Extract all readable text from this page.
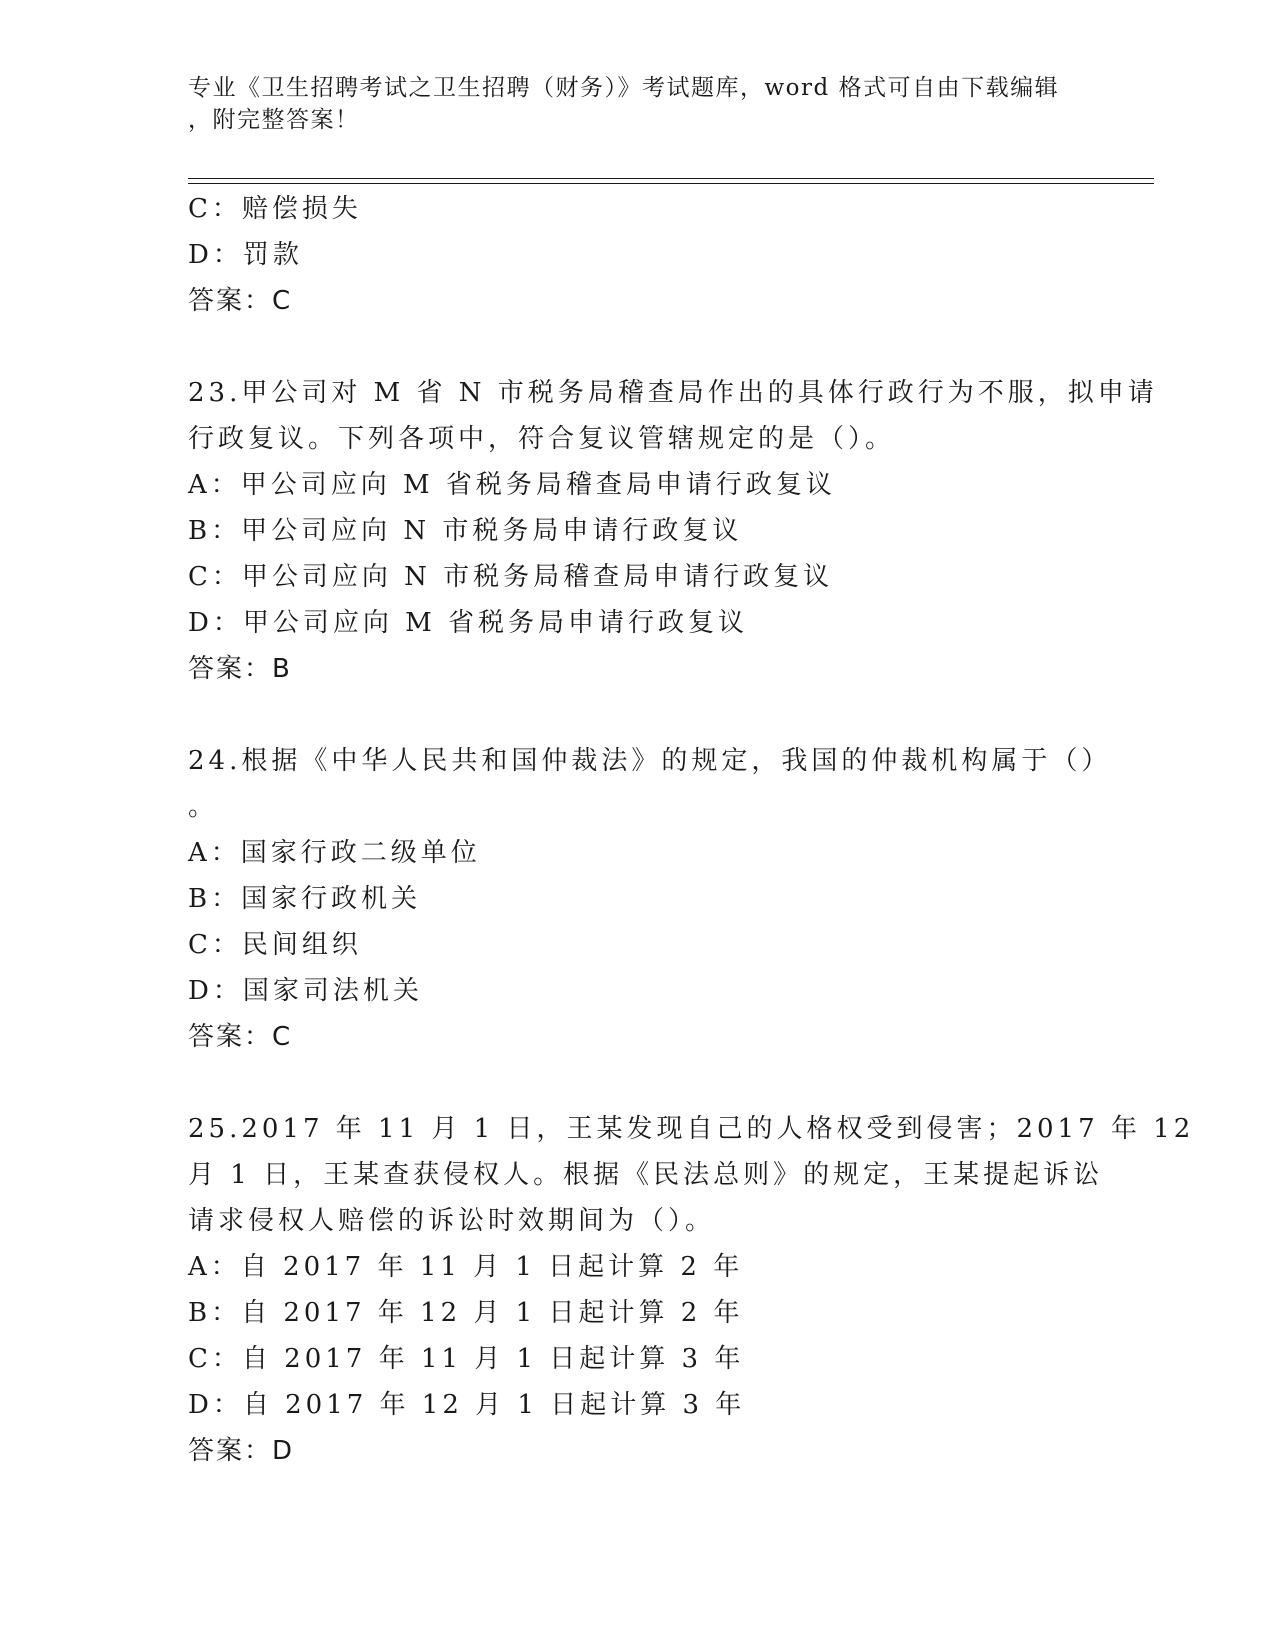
专业《卫生招聘考试之卫生招聘（财务）》考试题库，word 格式可自由下载编辑
，附完整答案！
C：赔偿损失
D：罚款
答案：C
23.甲公司对 M 省 N 市税务局稽查局作出的具体行政行为不服，拟申请
行政复议。下列各项中，符合复议管辖规定的是（）。
A：甲公司应向 M 省税务局稽查局申请行政复议
B：甲公司应向 N 市税务局申请行政复议
C：甲公司应向 N 市税务局稽查局申请行政复议
D：甲公司应向 M 省税务局申请行政复议
答案：B
24.根据《中华人民共和国仲裁法》的规定，我国的仲裁机构属于（）
。
A：国家行政二级单位
B：国家行政机关
C：民间组织
D：国家司法机关
答案：C
25.2017 年 11 月 1 日，王某发现自己的人格权受到侵害；2017 年 12
月 1 日，王某查获侵权人。根据《民法总则》的规定，王某提起诉讼
请求侵权人赔偿的诉讼时效期间为（）。
A：自 2017 年 11 月 1 日起计算 2 年
B：自 2017 年 12 月 1 日起计算 2 年
C：自 2017 年 11 月 1 日起计算 3 年
D：自 2017 年 12 月 1 日起计算 3 年
答案：D
